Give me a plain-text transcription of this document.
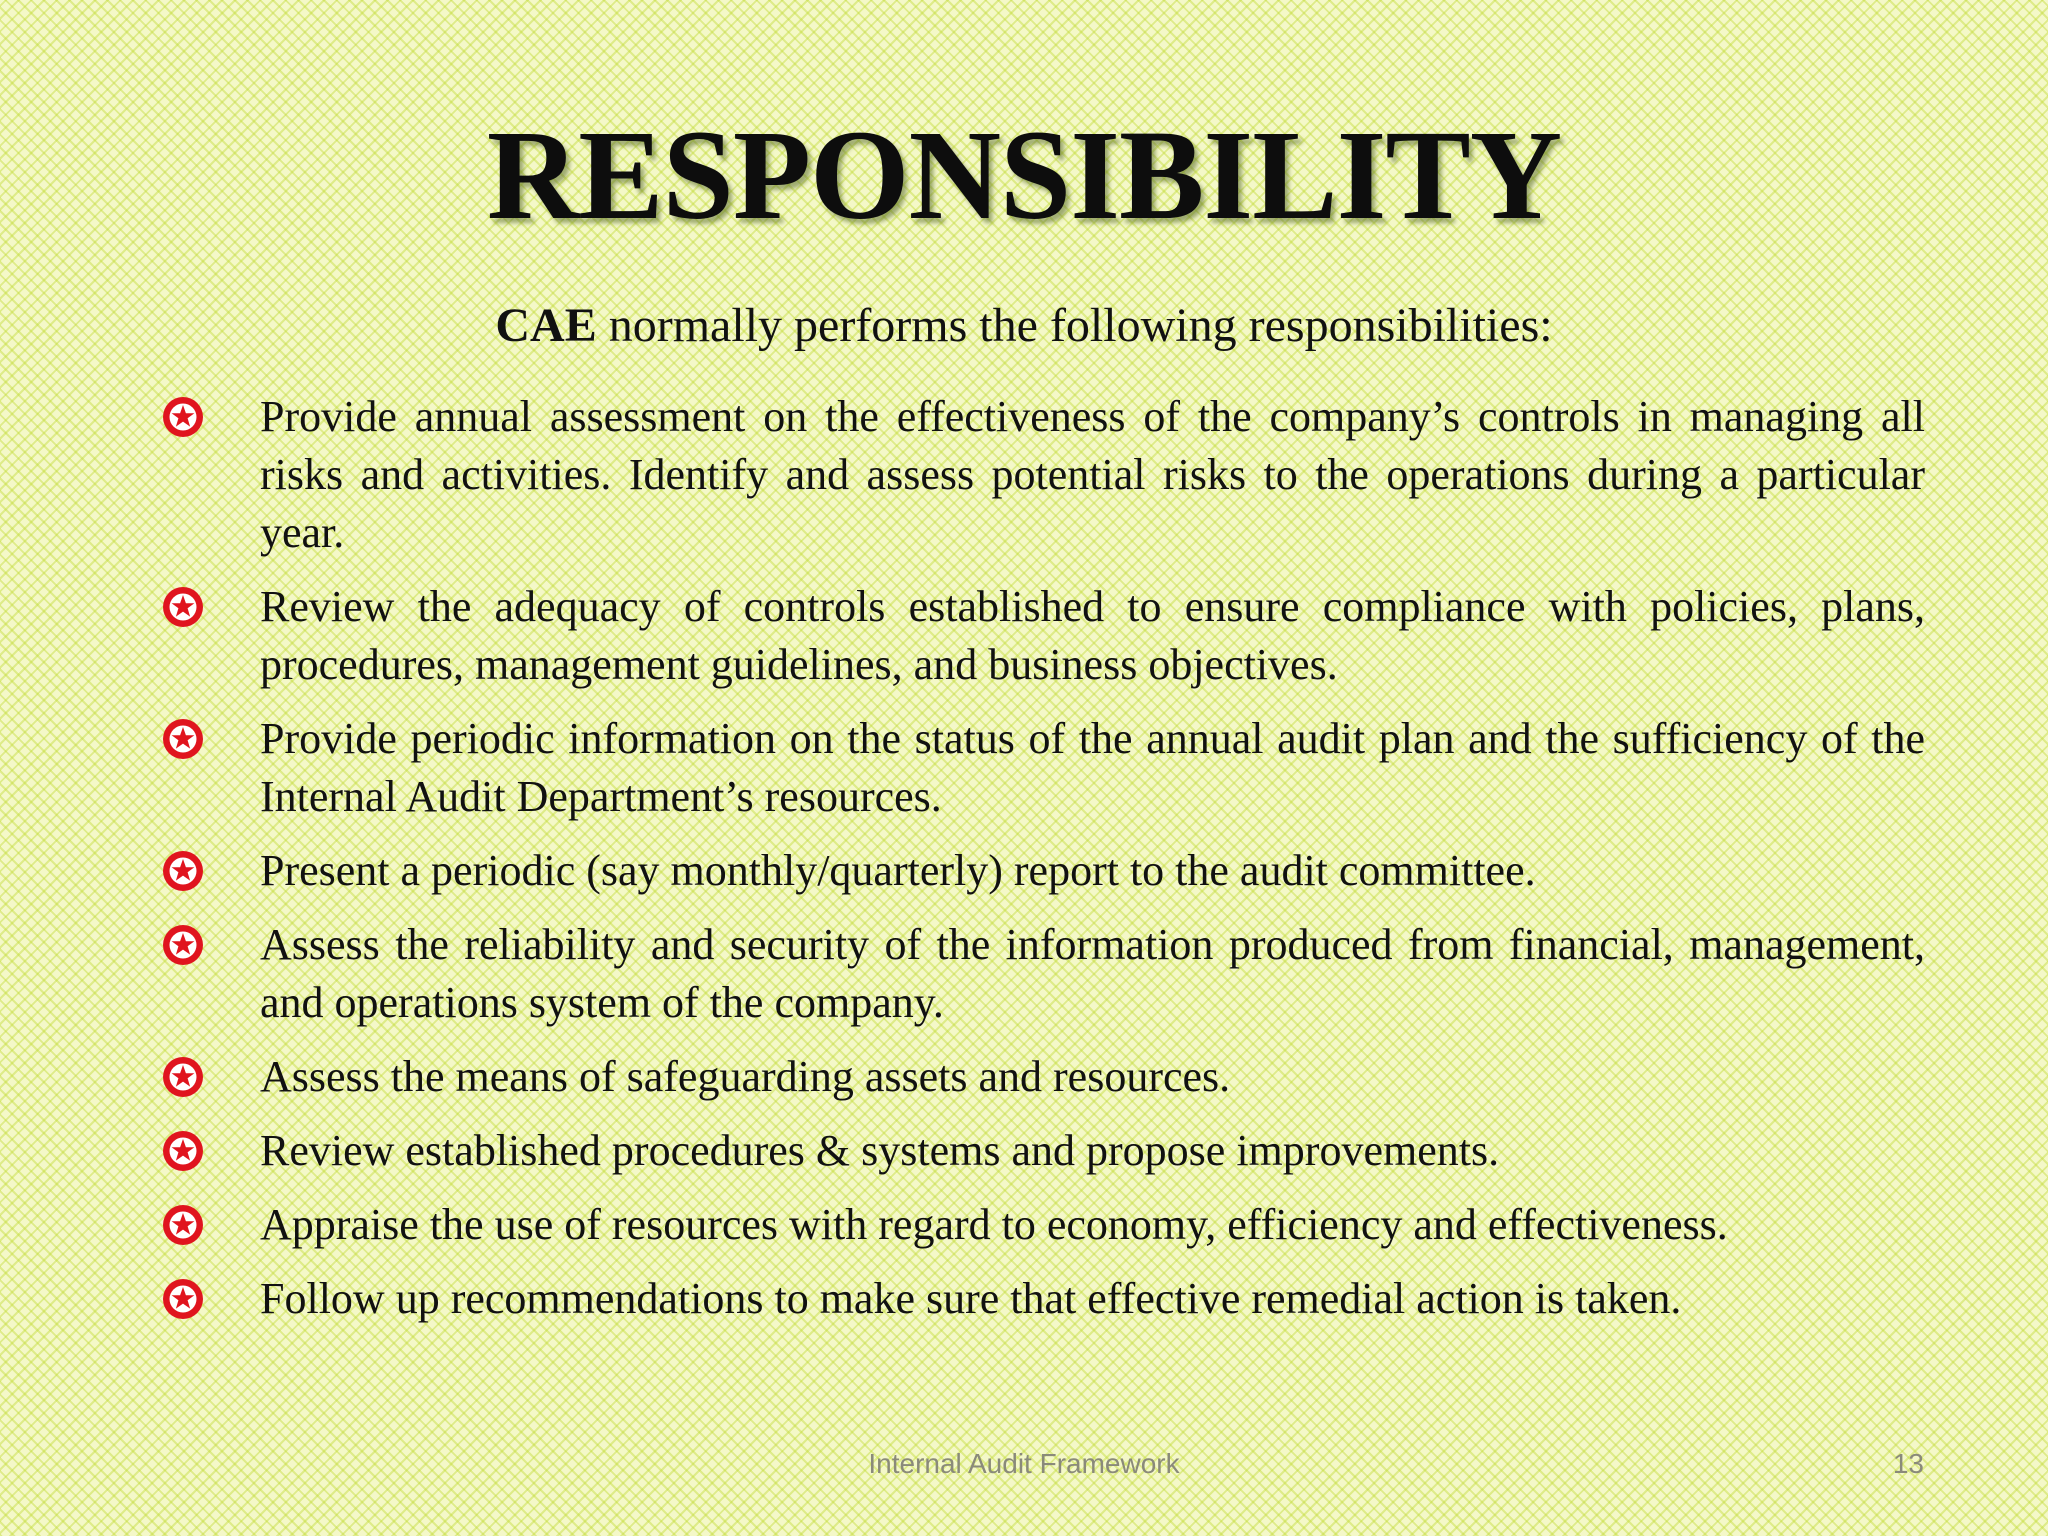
RESPONSIBILITY
CAE normally performs the following responsibilities:
Provide annual assessment on the effectiveness of the company’s controls in managing all risks and activities. Identify and assess potential risks to the operations during a particular year.
Review the adequacy of controls established to ensure compliance with policies, plans, procedures, management guidelines, and business objectives.
Provide periodic information on the status of the annual audit plan and the sufficiency of the Internal Audit Department’s resources.
Present a periodic (say monthly/quarterly) report to the audit committee.
Assess the reliability and security of the information produced from financial, management, and operations system of the company.
Assess the means of safeguarding assets and resources.
Review established procedures & systems and propose improvements.
Appraise the use of resources with regard to economy, efficiency and effectiveness.
Follow up recommendations to make sure that effective remedial action is taken.
Internal Audit Framework	13
